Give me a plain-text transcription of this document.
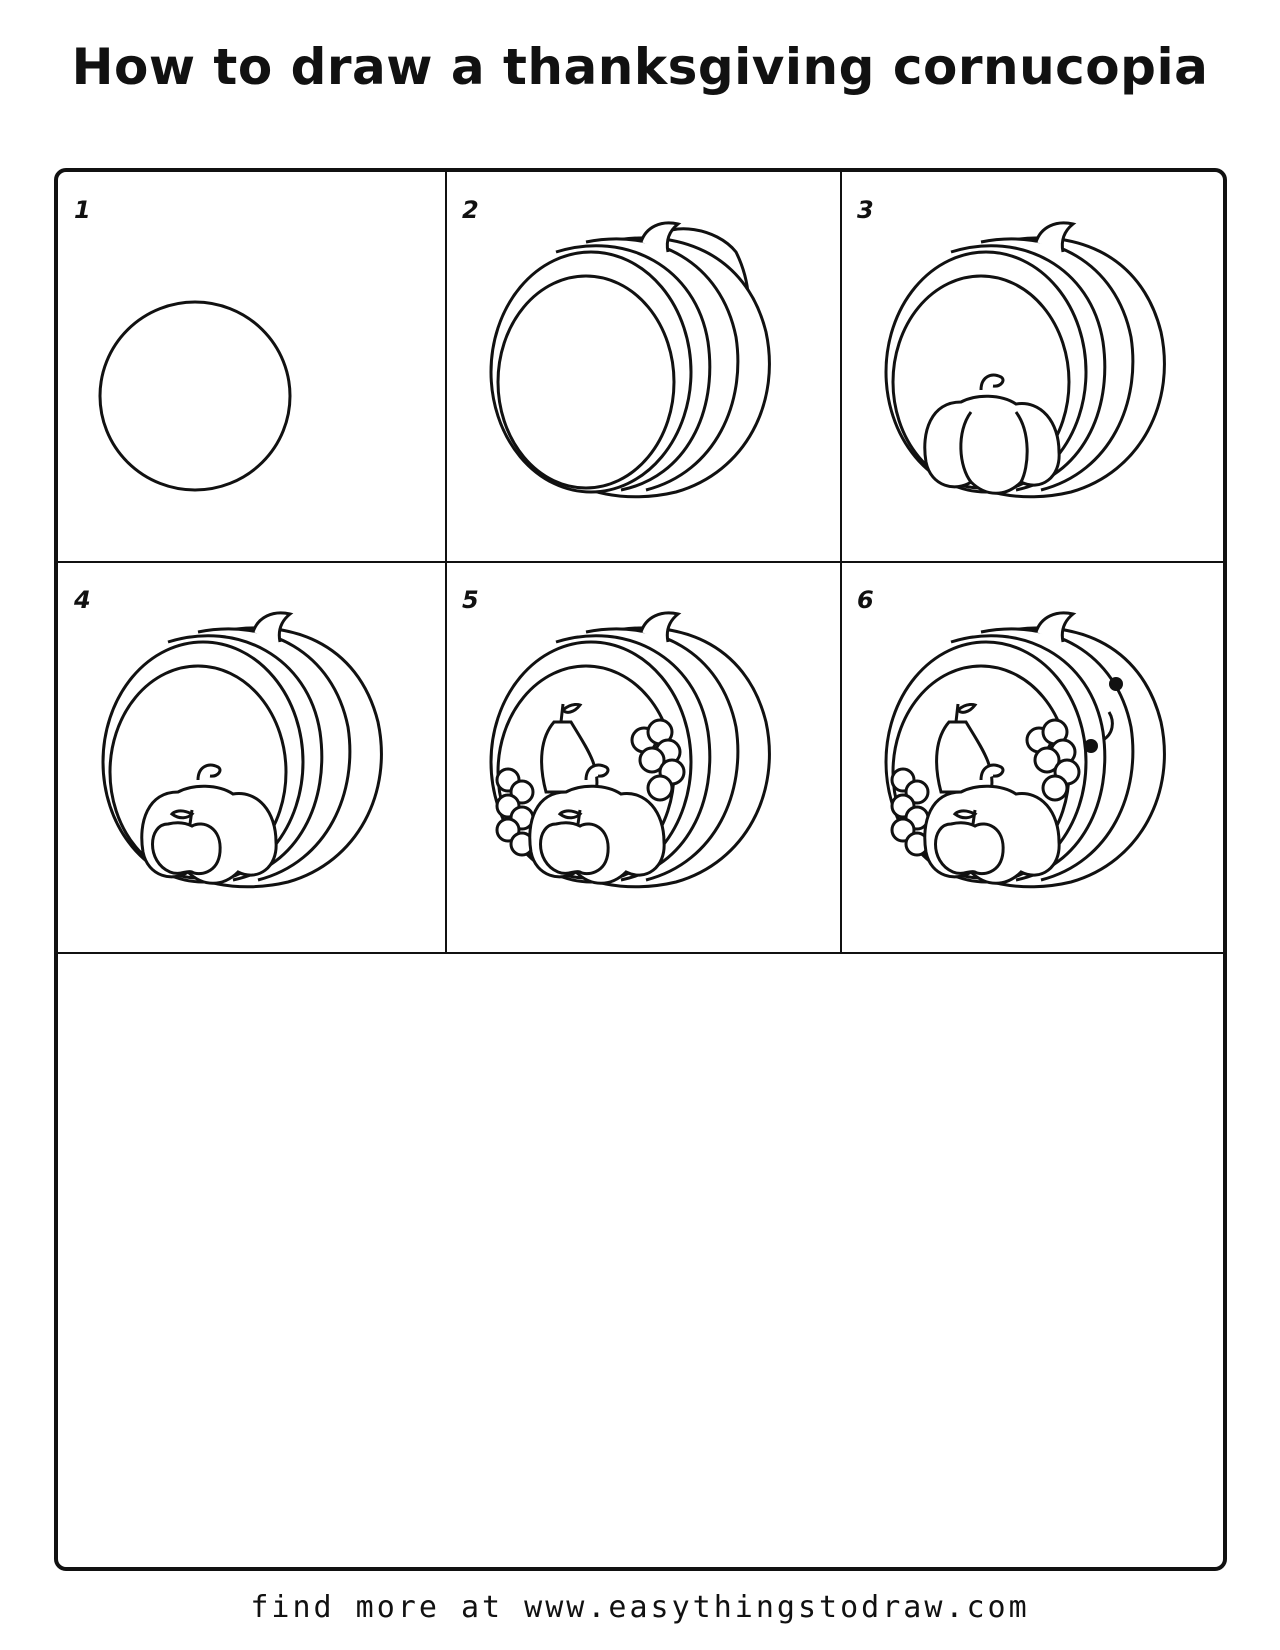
How to draw a thanksgiving cornucopia
1	2	3
4	5	6
find more at www.easythingstodraw.com
